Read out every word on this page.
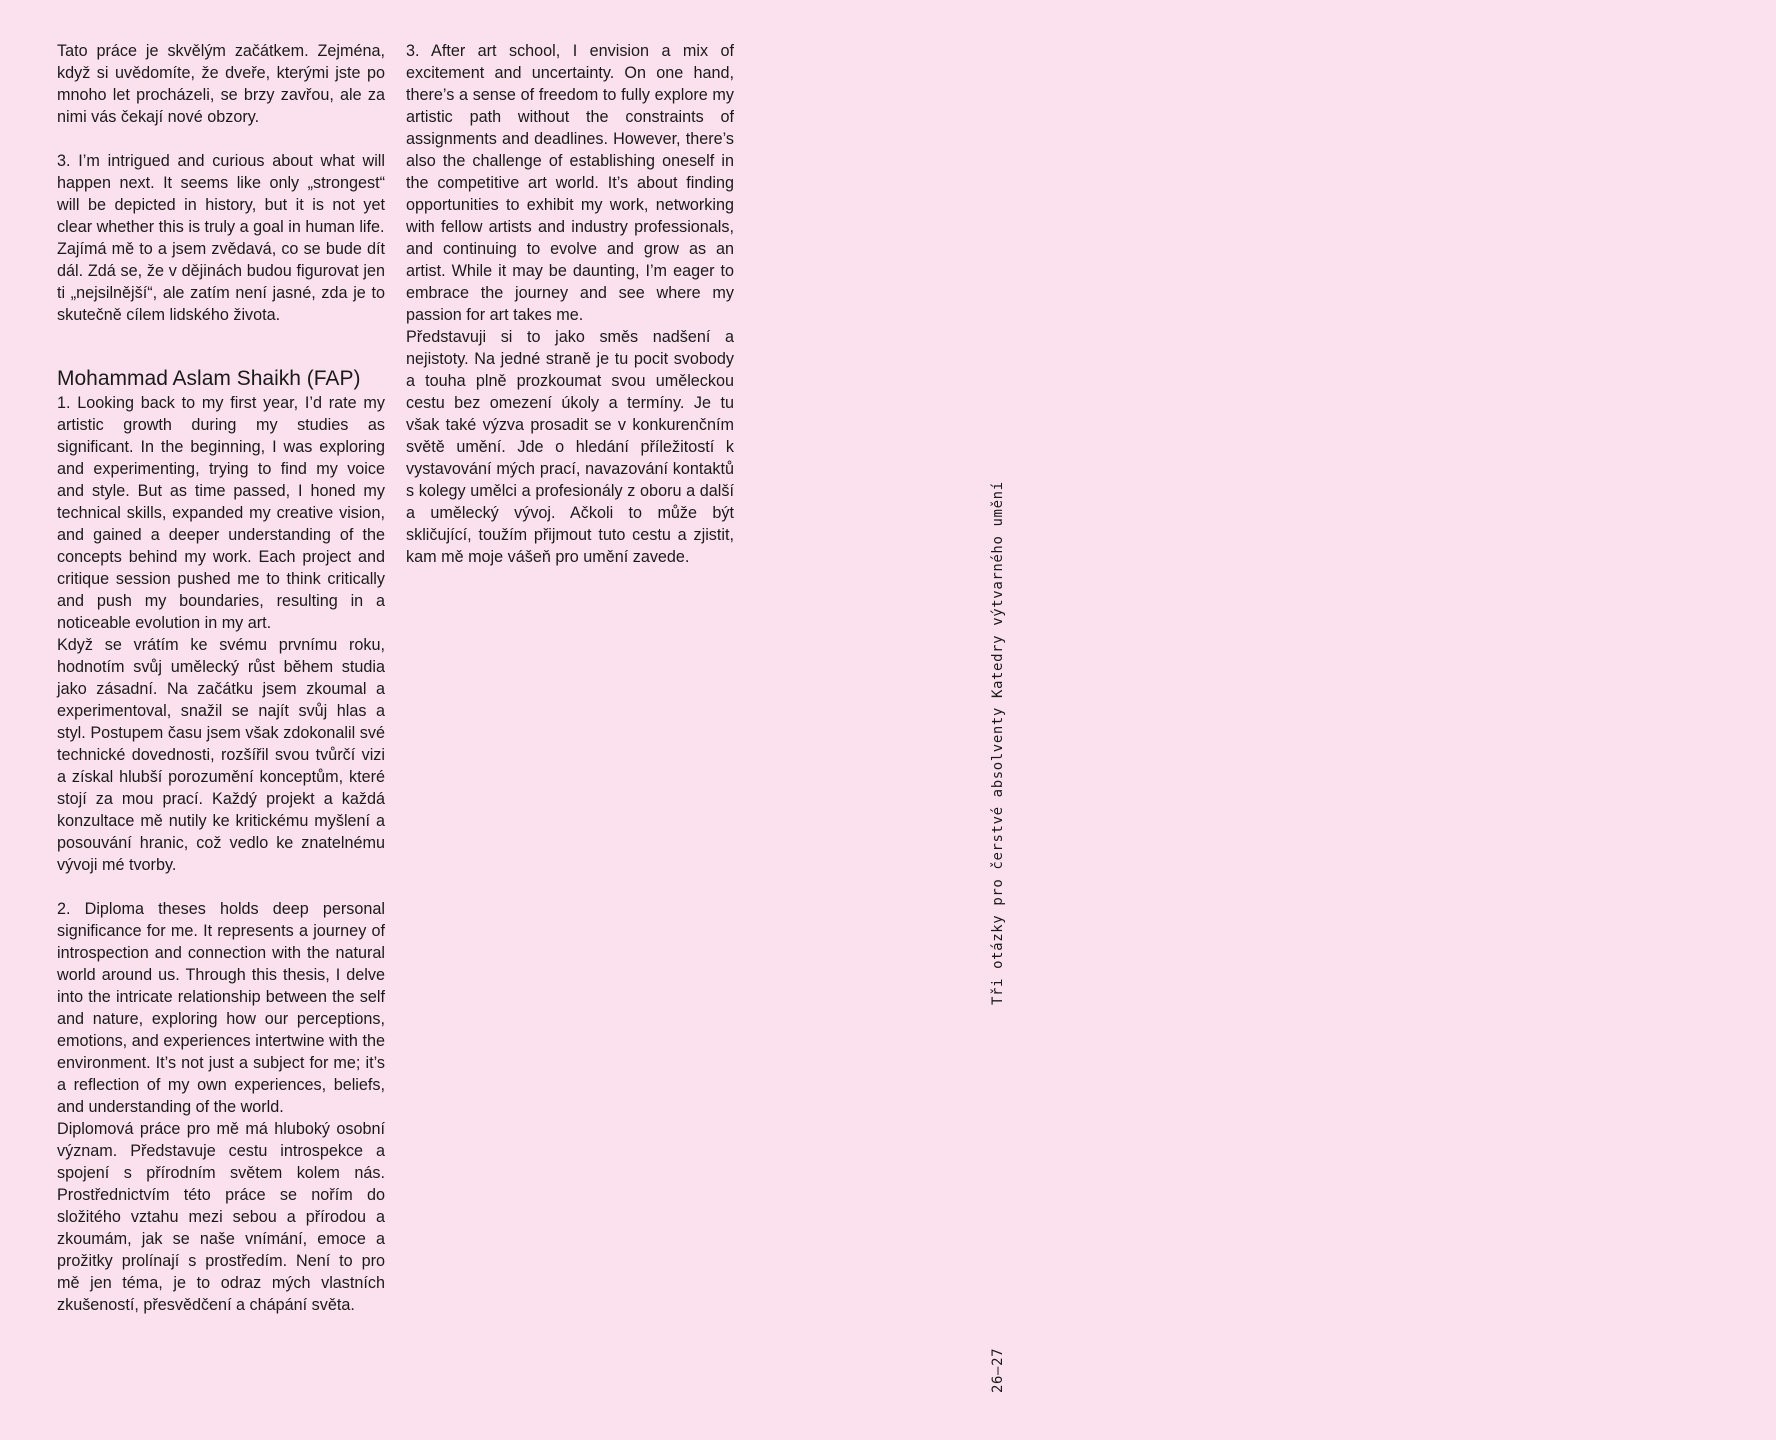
Tato práce je skvělým začátkem. Zejména, když si uvědomíte, že dveře, kterými jste po mnoho let procházeli, se brzy zavřou, ale za nimi vás čekají nové obzory.

3. I’m intrigued and curious about what will happen next. It seems like only „strongest“ will be depicted in history, but it is not yet clear whether this is truly a goal in human life.

Zajímá mě to a jsem zvědavá, co se bude dít dál. Zdá se, že v dějinách budou figurovat jen ti „nejsilnější“, ale zatím není jasné, zda je to skutečně cílem lidského života.

Mohammad Aslam Shaikh (FAP)

1. Looking back to my first year, I’d rate my artistic growth during my studies as significant. In the beginning, I was exploring and experimenting, trying to find my voice and style. But as time passed, I honed my technical skills, expanded my creative vision, and gained a deeper understanding of the concepts behind my work. Each project and critique session pushed me to think critically and push my boundaries, resulting in a noticeable evolution in my art.

Když se vrátím ke svému prvnímu roku, hodnotím svůj umělecký růst během studia jako zásadní. Na začátku jsem zkoumal a experimentoval, snažil se najít svůj hlas a styl. Postupem času jsem však zdokonalil své technické dovednosti, rozšířil svou tvůrčí vizi a získal hlubší porozumění konceptům, které stojí za mou prací. Každý projekt a každá konzultace mě nutily ke kritickému myšlení a posouvání hranic, což vedlo ke znatelnému vývoji mé tvorby.

2. Diploma theses holds deep personal significance for me. It represents a journey of introspection and connection with the natural world around us. Through this thesis, I delve into the intricate relationship between the self and nature, exploring how our perceptions, emotions, and experiences intertwine with the environment. It’s not just a subject for me; it’s a reflection of my own experiences, beliefs, and understanding of the world.

Diplomová práce pro mě má hluboký osobní význam. Představuje cestu introspekce a spojení s přírodním světem kolem nás. Prostřednictvím této práce se nořím do složitého vztahu mezi sebou a přírodou a zkoumám, jak se naše vnímání, emoce a prožitky prolínají s prostředím. Není to pro mě jen téma, je to odraz mých vlastních zkušeností, přesvědčení a chápání světa.

3. After art school, I envision a mix of excitement and uncertainty. On one hand, there’s a sense of freedom to fully explore my artistic path without the constraints of assignments and deadlines. However, there’s also the challenge of establishing oneself in the competitive art world. It’s about finding opportunities to exhibit my work, networking with fellow artists and industry professionals, and continuing to evolve and grow as an artist. While it may be daunting, I’m eager to embrace the journey and see where my passion for art takes me.

Představuji si to jako směs nadšení a nejistoty. Na jedné straně je tu pocit svobody a touha plně prozkoumat svou uměleckou cestu bez omezení úkoly a termíny. Je tu však také výzva prosadit se v konkurenčním světě umění. Jde o hledání příležitostí k vystavování mých prací, navazování kontaktů s kolegy umělci a profesionály z oboru a další a umělecký vývoj. Ačkoli to může být skličující, toužím přijmout tuto cestu a zjistit, kam mě moje vášeň pro umění zavede.	Tři otázky pro čerstvé absolventy Katedry výtvarného umění
26—27
